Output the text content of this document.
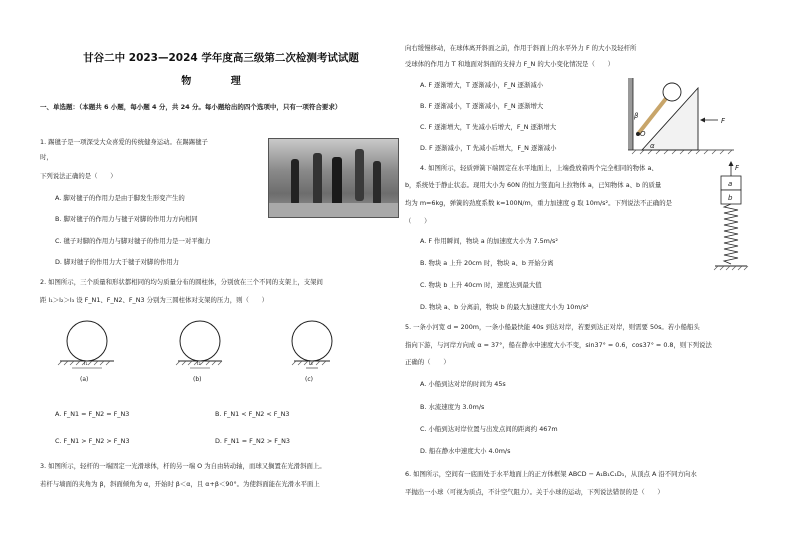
甘谷二中 2023—2024 学年度高三级第二次检测考试试题
物 理
一、单选题：（本题共 6 小题，每小题 4 分，共 24 分。每小题给出的四个选项中，只有一项符合要求）
1. 踢毽子是一项深受大众喜爱的传统健身运动。在踢踢毽子
时，
下列说法正确的是（　　）
A. 脚对毽子的作用力是由于脚发生形变产生的
B. 脚对毽子的作用力与毽子对脚的作用力方向相同
C. 毽子对脚的作用力与脚对毽子的作用力是一对平衡力
D. 脚对毽子的作用力大于毽子对脚的作用力
2. 如图所示，三个质量和形状都相同的均匀质量分布的圆柱体，分别放在三个不同的支架上，支架间
距 l₁＞l₂＞l₃ 设 F_N1、F_N2、F_N3 分别为三圆柱体对支架的压力，则（　　）
l₁
(a)
l₂
(b)
l₃
(c)
A. F_N1 = F_N2 = F_N3	B. F_N1 < F_N2 < F_N3
C. F_N1 > F_N2 > F_N3	D. F_N1 = F_N2 > F_N3
3. 如图所示，轻杆的一端固定一光滑球体，杆的另一端 O 为自由转动轴，而球又搁置在光滑斜面上。
若杆与墙面的夹角为 β，斜面倾角为 α，开始时 β＜α，且 α+β＜90°。为使斜面能在光滑水平面上
向右缓慢移动，在球体离开斜面之前，作用于斜面上的水平外力 F 的大小及轻杆所
受球体的作用力 T 和地面对斜面的支持力 F_N 的大小变化情况是（　　）
A. F 逐渐增大，T 逐渐减小，F_N 逐渐减小
B. F 逐渐减小，T 逐渐减小，F_N 逐渐增大
C. F 逐渐增大，T 先减小后增大，F_N 逐渐增大
D. F 逐渐减小，T 先减小后增大，F_N 逐渐减小
β
O
α
F
4. 如图所示，轻质弹簧下端固定在水平地面上，上端叠放着两个完全相同的物体 a、
b，系统处于静止状态。现用大小为 60N 的恒力竖直向上拉物体 a，已知物体 a、b 的质量
均为 m=6kg，弹簧的劲度系数 k=100N/m，重力加速度 g 取 10m/s²。下列说法不正确的是
（　　）
A. F 作用瞬间，物块 a 的加速度大小为 7.5m/s²
B. 物块 a 上升 20cm 时，物块 a、b 开始分离
C. 物块 b 上升 40cm 时，速度达到最大值
D. 物块 a、b 分离前，物块 b 的最大加速度大小为 10m/s²
F
a
b
5. 一条小河宽 d = 200m，一条小船最快能 40s 到达对岸，若要到达正对岸，则需要 50s。若小船船头
指向下游，与河岸方向成 α = 37°，船在静水中速度大小不变，sin37° = 0.6，cos37° = 0.8，则下列说法
正确的（　　）
A. 小船到达对岸的时间为 45s
B. 水流速度为 3.0m/s
C. 小船到达对岸位置与出发点间的距离约 467m
D. 船在静水中速度大小 4.0m/s
6. 如图所示，空间有一底面处于水平地面上的正方体框架 ABCD − A₁B₁C₁D₁，从顶点 A 沿不同方向水
平抛出一小球（可视为质点，不计空气阻力）。关于小球的运动，下列说法错误的是（　　）
